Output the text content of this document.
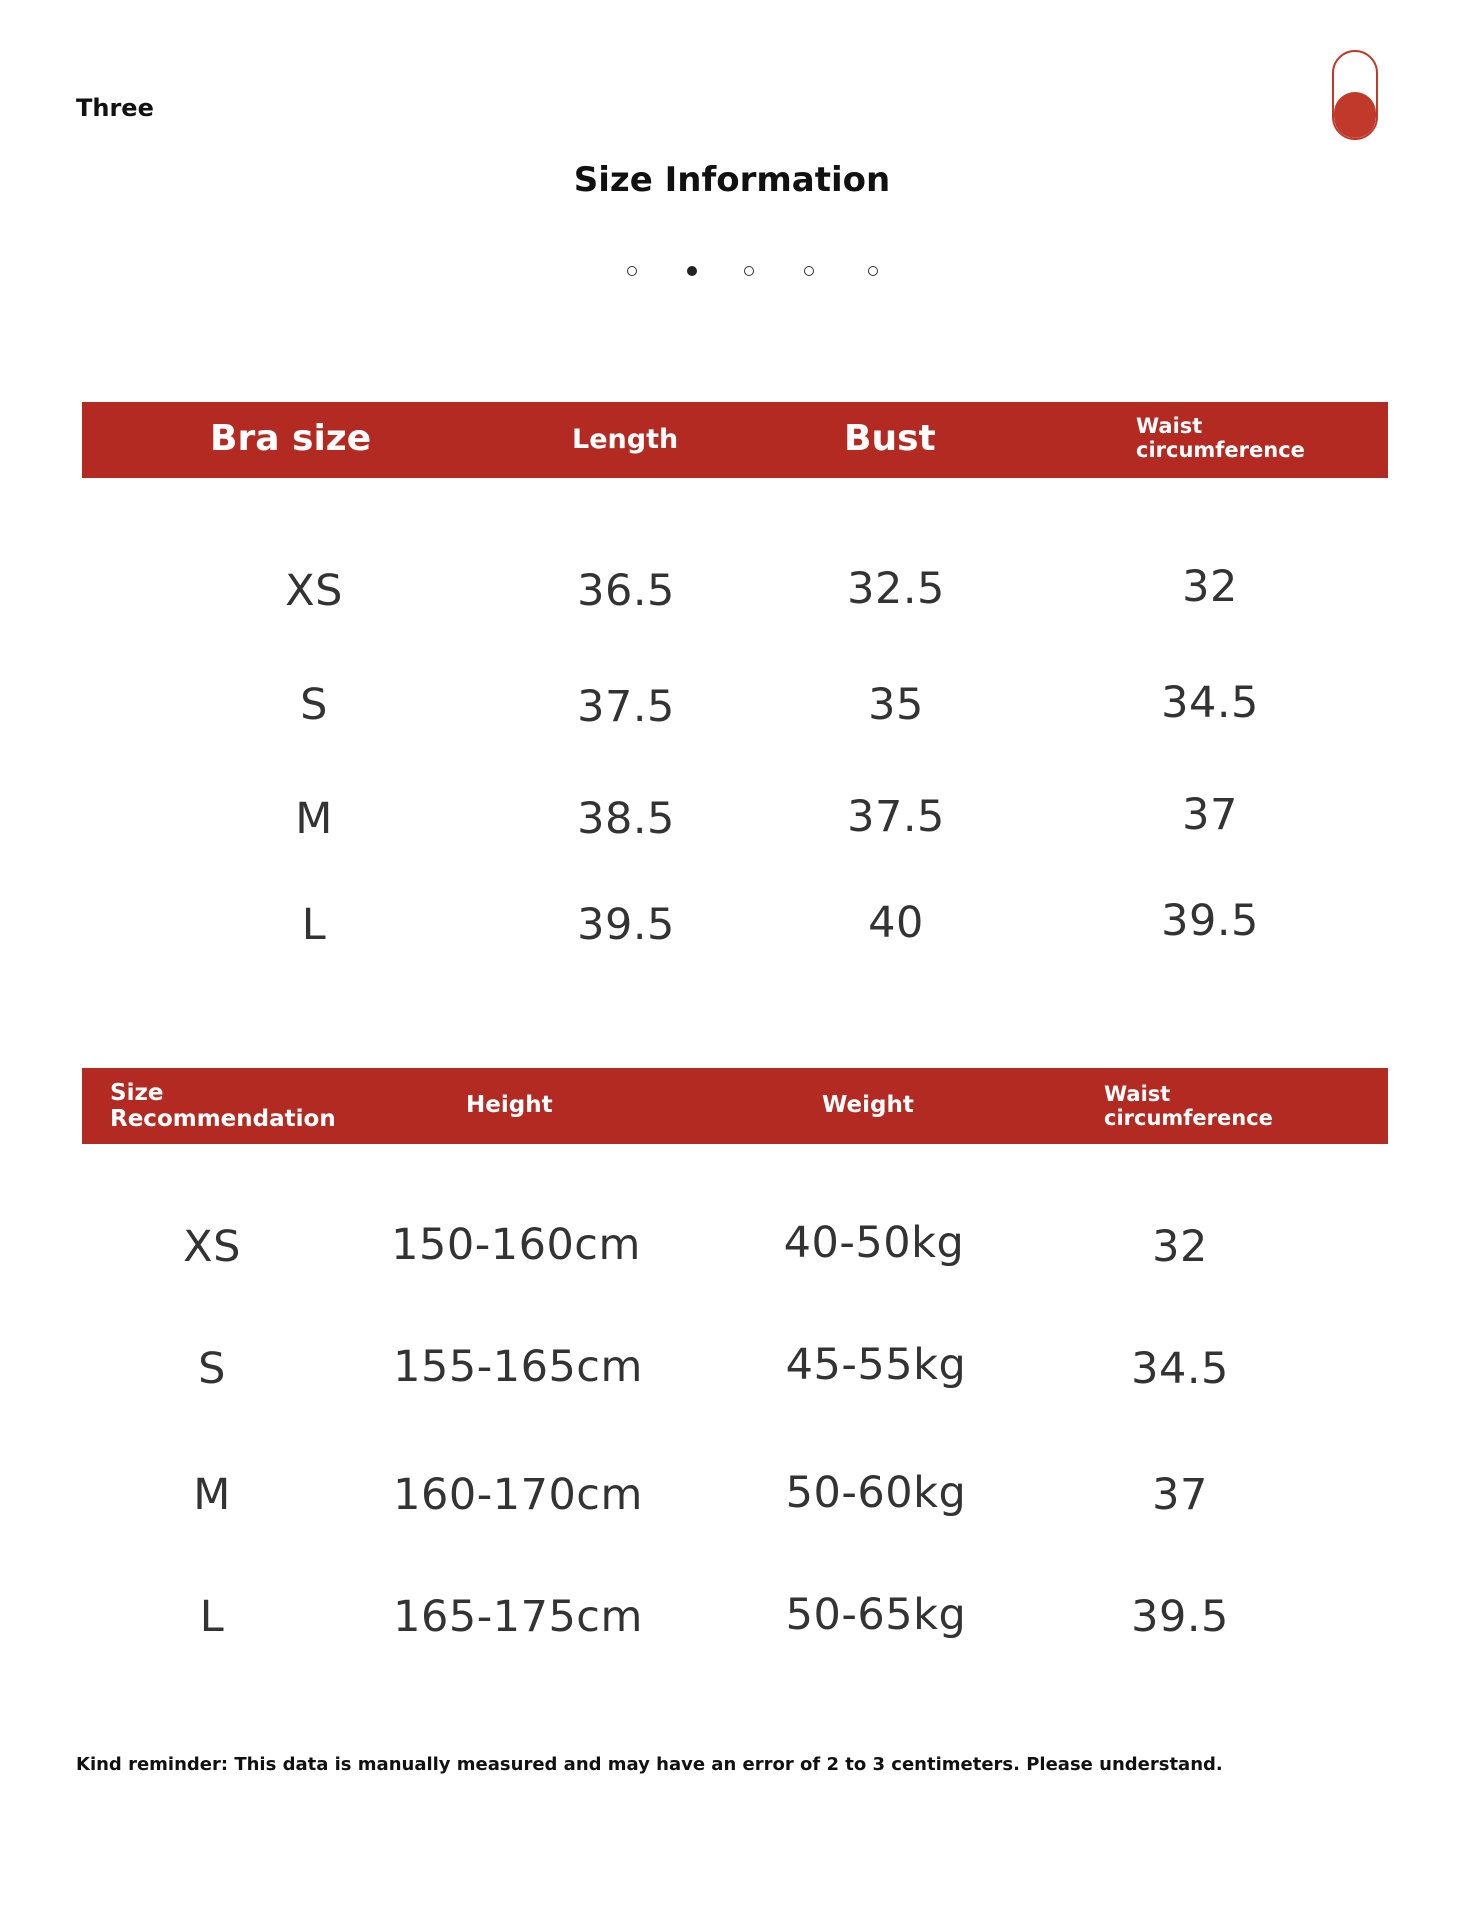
Three
Size Information
Bra size	Length	Bust	Waist
circumference
XS	36.5	32.5	32
S	37.5	35	34.5
M	38.5	37.5	37
L	39.5	40	39.5
Size
Recommendation
Height	Weight	Waist
circumference
XS	150-160cm	40-50kg	32
S	155-165cm	45-55kg	34.5
M	160-170cm	50-60kg	37
L	165-175cm	50-65kg	39.5
Kind reminder: This data is manually measured and may have an error of 2 to 3 centimeters. Please understand.
